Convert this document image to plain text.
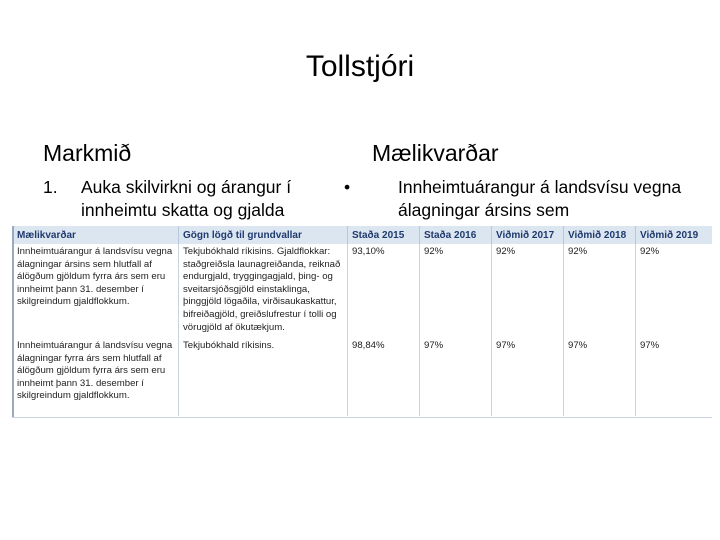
Tollstjóri
Markmið	Mælikvarðar
1.	Auka skilvirkni og árangur í innheimtu skatta og gjalda
•	Innheimtuárangur á landsvísu vegna álagningar ársins sem
Mælikvarðar	Gögn lögð til grundvallar	Staða 2015	Staða 2016	Viðmið 2017	Viðmið 2018	Viðmið 2019
Innheimtuárangur á landsvísu vegna álagningar ársins sem hlutfall af álögðum gjöldum fyrra árs sem eru innheimt þann 31. desember í skilgreindum gjaldflokkum.	Tekjubókhald ríkisins. Gjaldflokkar: staðgreiðsla launagreiðanda, reiknað endurgjald, tryggingagjald, þing- og sveitarsjóðsgjöld einstaklinga, þinggjöld lögaðila, virðisaukaskattur, bifreiðagjöld, greiðslufrestur í tolli og vörugjöld af ökutækjum.	93,10%	92%	92%	92%	92%
Innheimtuárangur á landsvísu vegna álagningar fyrra árs sem hlutfall af álögðum gjöldum fyrra árs sem eru innheimt þann 31. desember í skilgreindum gjaldflokkum.	Tekjubókhald ríkisins.	98,84%	97%	97%	97%	97%
